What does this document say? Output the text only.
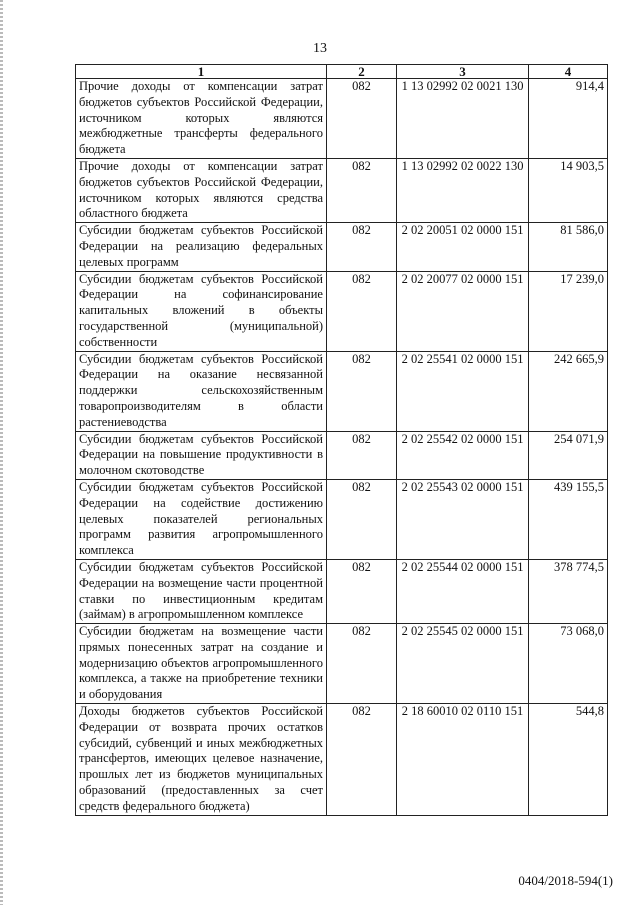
13
1	2	3	4
Прочие доходы от компенсации затрат бюджетов субъектов Российской Федерации, источником которых являются межбюджетные трансферты федерального бюджета	082	1 13 02992 02 0021 130	914,4
Прочие доходы от компенсации затрат бюджетов субъектов Российской Федерации, источником которых являются средства областного бюджета	082	1 13 02992 02 0022 130	14 903,5
Субсидии бюджетам субъектов Российской Федерации на реализацию федеральных целевых программ	082	2 02 20051 02 0000 151	81 586,0
Субсидии бюджетам субъектов Российской Федерации на софинансирование капитальных вложений в объекты государственной (муниципальной) собственности	082	2 02 20077 02 0000 151	17 239,0
Субсидии бюджетам субъектов Российской Федерации на оказание несвязанной поддержки сельскохозяйственным товаропроизводителям в области растениеводства	082	2 02 25541 02 0000 151	242 665,9
Субсидии бюджетам субъектов Российской Федерации на повышение продуктивности в молочном скотоводстве	082	2 02 25542 02 0000 151	254 071,9
Субсидии бюджетам субъектов Российской Федерации на содействие достижению целевых показателей региональных программ развития агропромышленного комплекса	082	2 02 25543 02 0000 151	439 155,5
Субсидии бюджетам субъектов Российской Федерации на возмещение части процентной ставки по инвестиционным кредитам (займам) в агропромышленном комплексе	082	2 02 25544 02 0000 151	378 774,5
Субсидии бюджетам на возмещение части прямых понесенных затрат на создание и модернизацию объектов агропромышленного комплекса, а также на приобретение техники и оборудования	082	2 02 25545 02 0000 151	73 068,0
Доходы бюджетов субъектов Российской Федерации от возврата прочих остатков субсидий, субвенций и иных межбюджетных трансфертов, имеющих целевое назначение, прошлых лет из бюджетов муниципальных образований (предоставленных за счет средств федерального бюджета)	082	2 18 60010 02 0110 151	544,8
0404/2018-594(1)
